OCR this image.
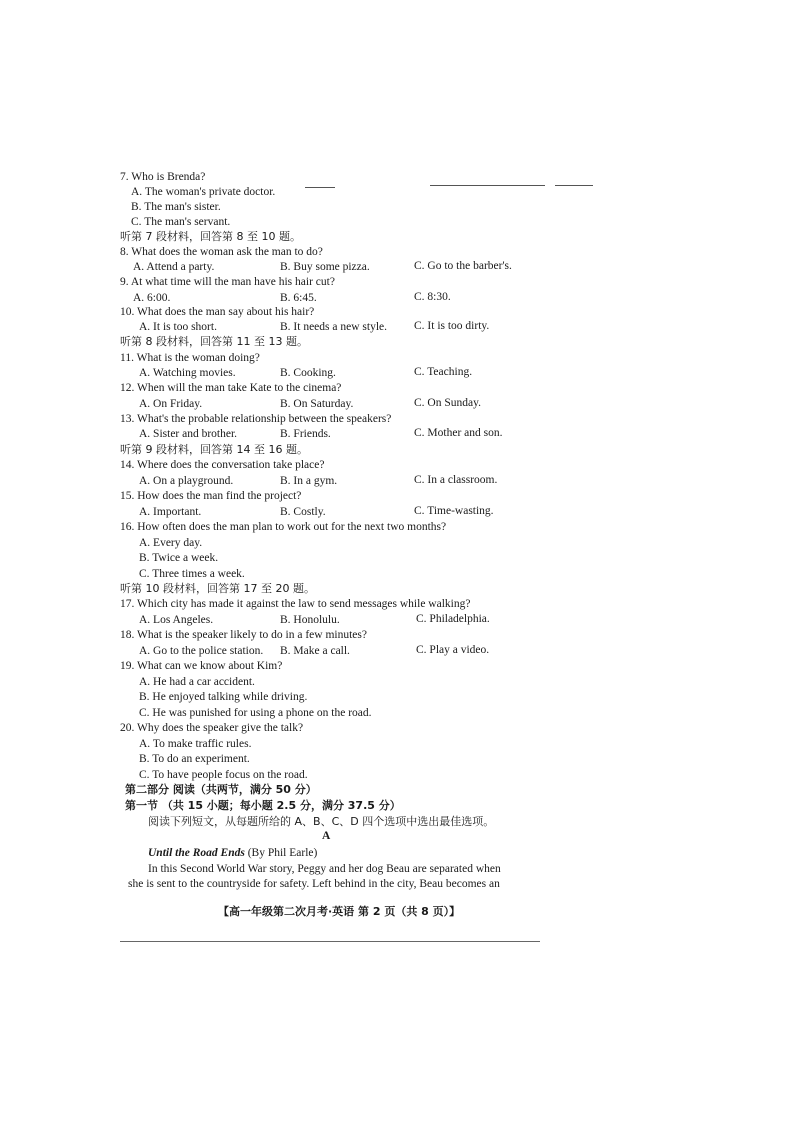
7. Who is Brenda?
A. The woman's private doctor.
B. The man's sister.
C. The man's servant.
听第 7 段材料，回答第 8 至 10 题。
8. What does the woman ask the man to do?
A. Attend a party.	B. Buy some pizza.	C. Go to the barber's.
9. At what time will the man have his hair cut?
A. 6:00.	B. 6:45.	C. 8:30.
10. What does the man say about his hair?
A. It is too short.	B. It needs a new style. C. It is too dirty.
听第 8 段材料，回答第 11 至 13 题。
11. What is the woman doing?
A. Watching movies.	B. Cooking.	C. Teaching.
12. When will the man take Kate to the cinema?
A. On Friday.	B. On Saturday.	C. On Sunday.
13. What's the probable relationship between the speakers?
A. Sister and brother.	B. Friends.	C. Mother and son.
听第 9 段材料，回答第 14 至 16 题。
14. Where does the conversation take place?
A. On a playground.	B. In a gym.	C. In a classroom.
15. How does the man find the project?
A. Important.	B. Costly.	C. Time-wasting.
16. How often does the man plan to work out for the next two months?
A. Every day.
B. Twice a week.
C. Three times a week.
听第 10 段材料，回答第 17 至 20 题。
17. Which city has made it against the law to send messages while walking?
A. Los Angeles.	B. Honolulu.	C. Philadelphia.
18. What is the speaker likely to do in a few minutes?
A. Go to the police station. B. Make a call.	C. Play a video.
19. What can we know about Kim?
A. He had a car accident.
B. He enjoyed talking while driving.
C. He was punished for using a phone on the road.
20. Why does the speaker give the talk?
A. To make traffic rules.
B. To do an experiment.
C. To have people focus on the road.
第二部分 阅读（共两节，满分 50 分）
第一节 （共 15 小题；每小题 2.5 分，满分 37.5 分）
阅读下列短文，从每题所给的 A、B、C、D 四个选项中选出最佳选项。
A
Until the Road Ends (By Phil Earle)
In this Second World War story, Peggy and her dog Beau are separated when
she is sent to the countryside for safety. Left behind in the city, Beau becomes an
【高一年级第二次月考·英语 第 2 页（共 8 页）】
